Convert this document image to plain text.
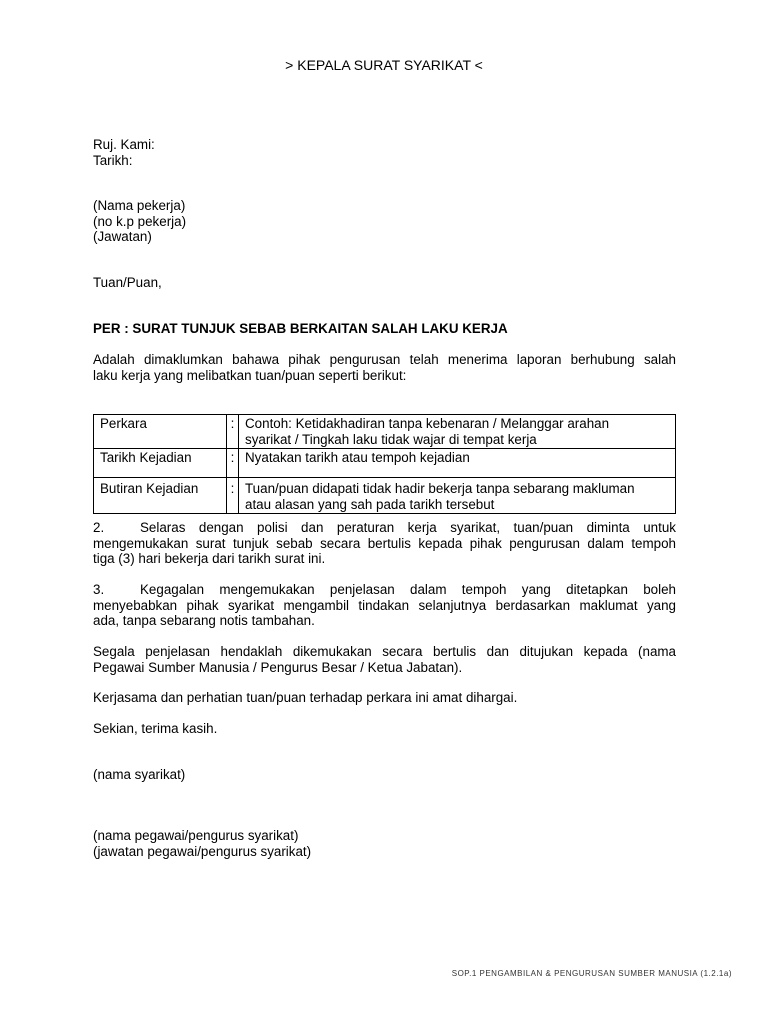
> KEPALA SURAT SYARIKAT <
Ruj. Kami:
Tarikh:
(Nama pekerja)
(no k.p pekerja)
(Jawatan)
Tuan/Puan,
PER : SURAT TUNJUK SEBAB BERKAITAN SALAH LAKU KERJA
Adalah dimaklumkan bahawa pihak pengurusan telah menerima laporan berhubung salah
laku kerja yang melibatkan tuan/puan seperti berikut:
Perkara	:	Contoh: Ketidakhadiran tanpa kebenaran / Melanggar arahan
syarikat / Tingkah laku tidak wajar di tempat kerja

Tarikh Kejadian	:	Nyatakan tarikh atau tempoh kejadian

Butiran Kejadian	:	Tuan/puan didapati tidak hadir bekerja tanpa sebarang makluman
atau alasan yang sah pada tarikh tersebut
2.	Selaras dengan polisi dan peraturan kerja syarikat, tuan/puan diminta untuk
mengemukakan surat tunjuk sebab secara bertulis kepada pihak pengurusan dalam tempoh
tiga (3) hari bekerja dari tarikh surat ini.
3.	Kegagalan mengemukakan penjelasan dalam tempoh yang ditetapkan boleh
menyebabkan pihak syarikat mengambil tindakan selanjutnya berdasarkan maklumat yang
ada, tanpa sebarang notis tambahan.
Segala penjelasan hendaklah dikemukakan secara bertulis dan ditujukan kepada (nama
Pegawai Sumber Manusia / Pengurus Besar / Ketua Jabatan).
Kerjasama dan perhatian tuan/puan terhadap perkara ini amat dihargai.
Sekian, terima kasih.
(nama syarikat)
(nama pegawai/pengurus syarikat)
(jawatan pegawai/pengurus syarikat)
SOP.1 PENGAMBILAN & PENGURUSAN SUMBER MANUSIA (1.2.1a)
